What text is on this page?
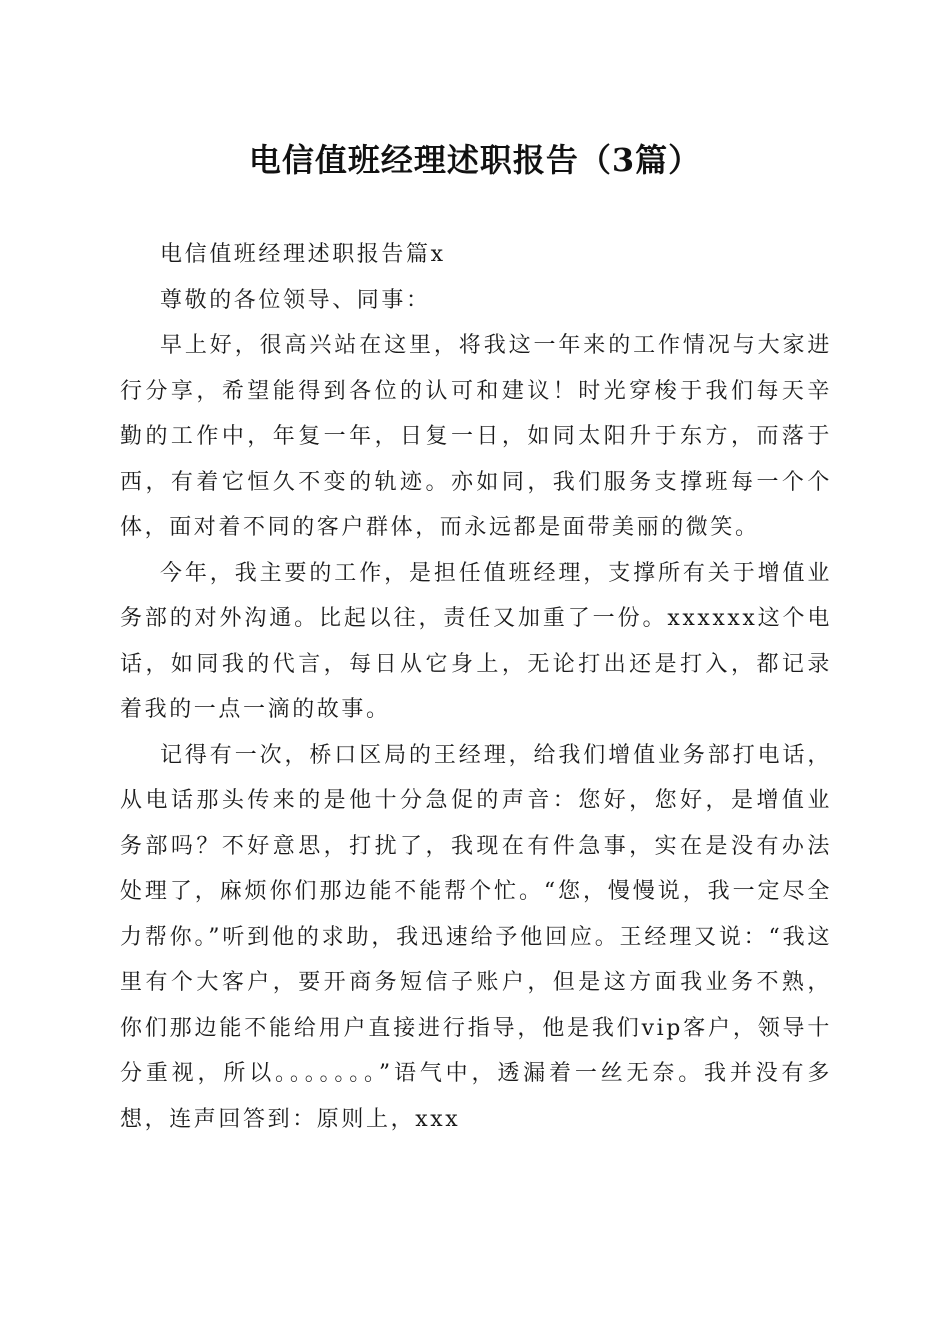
电信值班经理述职报告（3篇）

电信值班经理述职报告篇x

尊敬的各位领导、同事：

早上好，很高兴站在这里，将我这一年来的工作情况与大家进行分享，希望能得到各位的认可和建议！时光穿梭于我们每天辛勤的工作中，年复一年，日复一日，如同太阳升于东方，而落于西，有着它恒久不变的轨迹。亦如同，我们服务支撑班每一个个体，面对着不同的客户群体，而永远都是面带美丽的微笑。

今年，我主要的工作，是担任值班经理，支撑所有关于增值业务部的对外沟通。比起以往，责任又加重了一份。xxxxxx这个电话，如同我的代言，每日从它身上，无论打出还是打入，都记录着我的一点一滴的故事。

记得有一次，桥口区局的王经理，给我们增值业务部打电话，从电话那头传来的是他十分急促的声音：您好，您好，是增值业务部吗？不好意思，打扰了，我现在有件急事，实在是没有办法处理了，麻烦你们那边能不能帮个忙。“您，慢慢说，我一定尽全力帮你。”听到他的求助，我迅速给予他回应。王经理又说：“我这里有个大客户，要开商务短信子账户，但是这方面我业务不熟，你们那边能不能给用户直接进行指导，他是我们vip客户，领导十分重视，所以。。。。。。。”语气中，透漏着一丝无奈。我并没有多想，连声回答到：原则上，xxx
